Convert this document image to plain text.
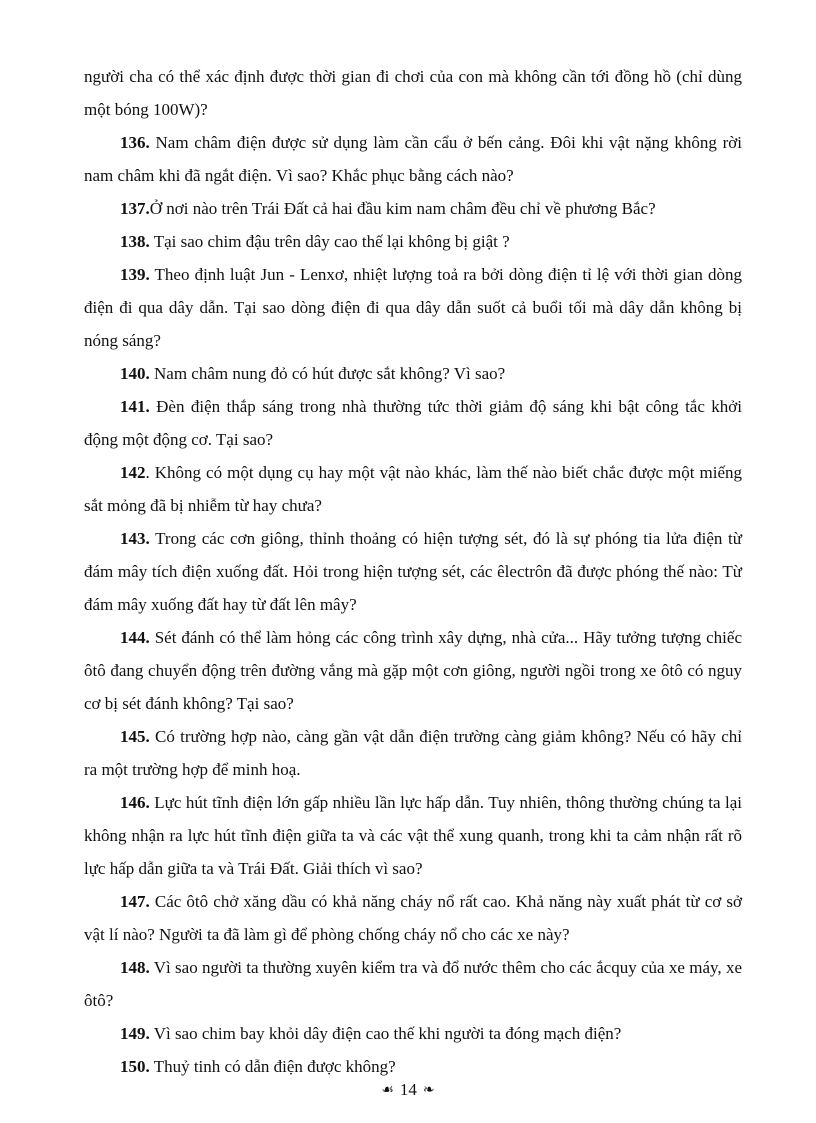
người cha có thể xác định được thời gian đi chơi của con mà không cần tới đồng hồ (chỉ dùng một bóng 100W)?

136. Nam châm điện được sử dụng làm cần cẩu ở bến cảng. Đôi khi vật nặng không rời nam châm khi đã ngắt điện. Vì sao? Khắc phục bằng cách nào?

137.Ở nơi nào trên Trái Đất cả hai đầu kim nam châm đều chỉ về phương Bắc?

138. Tại sao chim đậu trên dây cao thế lại không bị giật ?

139. Theo định luật Jun - Lenxơ, nhiệt lượng toả ra bởi dòng điện tỉ lệ với thời gian dòng điện đi qua dây dẫn. Tại sao dòng điện đi qua dây dẫn suốt cả buổi tối mà dây dẫn không bị nóng sáng?

140. Nam châm nung đỏ có hút được sắt không? Vì sao?

141. Đèn điện thắp sáng trong nhà thường tức thời giảm độ sáng khi bật công tắc khởi động một động cơ. Tại sao?

142. Không có một dụng cụ hay một vật nào khác, làm thế nào biết chắc được một miếng sắt mỏng đã bị nhiễm từ hay chưa?

143. Trong các cơn giông, thỉnh thoảng có hiện tượng sét, đó là sự phóng tia lửa điện từ đám mây tích điện xuống đất. Hỏi trong hiện tượng sét, các êlectrôn đã được phóng thế nào: Từ đám mây xuống đất hay từ đất lên mây?

144. Sét đánh có thể làm hỏng các công trình xây dựng, nhà cửa... Hãy tưởng tượng chiếc ôtô đang chuyển động trên đường vắng mà gặp một cơn giông, người ngồi trong xe ôtô có nguy cơ bị sét đánh không? Tại sao?

145. Có trường hợp nào, càng gần vật dẫn điện trường càng giảm không? Nếu có hãy chỉ ra một trường hợp để minh hoạ.

146. Lực hút tĩnh điện lớn gấp nhiều lần lực hấp dẫn. Tuy nhiên, thông thường chúng ta lại không nhận ra lực hút tĩnh điện giữa ta và các vật thể xung quanh, trong khi ta cảm nhận rất rõ lực hấp dẫn giữa ta và Trái Đất. Giải thích vì sao?

147. Các ôtô chở xăng dầu có khả năng cháy nổ rất cao. Khả năng này xuất phát từ cơ sở vật lí nào? Người ta đã làm gì để phòng chống cháy nổ cho các xe này?

148. Vì sao người ta thường xuyên kiểm tra và đổ nước thêm cho các ắcquy của xe máy, xe ôtô?

149. Vì sao chim bay khỏi dây điện cao thế khi người ta đóng mạch điện?

150. Thuỷ tinh có dẫn điện được không?

☙ 14 ❧
